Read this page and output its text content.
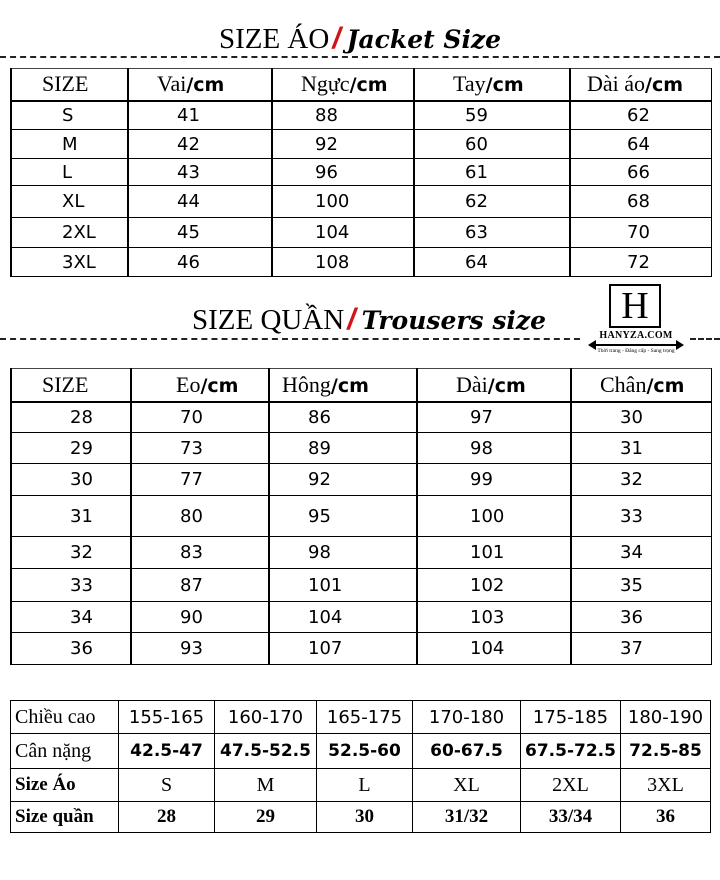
SIZE ÁO / Jacket Size
SIZE	Vai/cm	Ngực/cm	Tay/cm	Dài áo/cm
S	41	88	59	62
M	42	92	60	64
L	43	96	61	66
XL	44	100	62	68
2XL	45	104	63	70
3XL	46	108	64	72
SIZE QUẦN / Trousers size	H
HANYZA.COM
Thời trang - Đẳng cấp - Sang trọng
SIZE	Eo/cm	Hông/cm	Dài/cm	Chân/cm
28	70	86	97	30
29	73	89	98	31
30	77	92	99	32
31	80	95	100	33
32	83	98	101	34
33	87	101	102	35
34	90	104	103	36
36	93	107	104	37
Chiều cao	155-165	160-170	165-175	170-180	175-185	180-190
Cân nặng	42.5-47	47.5-52.5	52.5-60	60-67.5	67.5-72.5	72.5-85
Size Áo	S	M	L	XL	2XL	3XL
Size quần	28	29	30	31/32	33/34	36
